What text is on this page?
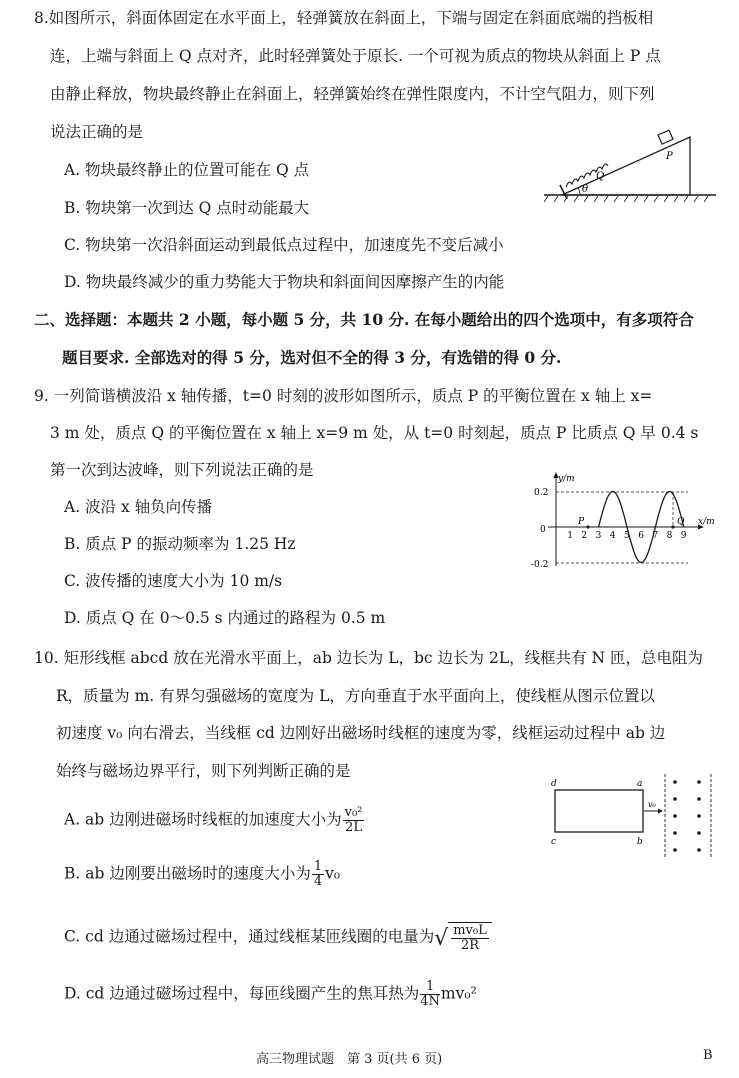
8.如图所示，斜面体固定在水平面上，轻弹簧放在斜面上，下端与固定在斜面底端的挡板相
连，上端与斜面上 Q 点对齐，此时轻弹簧处于原长. 一个可视为质点的物块从斜面上 P 点
由静止释放，物块最终静止在斜面上，轻弹簧始终在弹性限度内，不计空气阻力，则下列
说法正确的是
A. 物块最终静止的位置可能在 Q 点
B. 物块第一次到达 Q 点时动能最大
C. 物块第一次沿斜面运动到最低点过程中，加速度先不变后减小
D. 物块最终减少的重力势能大于物块和斜面间因摩擦产生的内能
θ
Q
P
二、选择题：本题共 2 小题，每小题 5 分，共 10 分. 在每小题给出的四个选项中，有多项符合
题目要求. 全部选对的得 5 分，选对但不全的得 3 分，有选错的得 0 分.
9. 一列简谐横波沿 x 轴传播，t=0 时刻的波形如图所示，质点 P 的平衡位置在 x 轴上 x=
3 m 处，质点 Q 的平衡位置在 x 轴上 x=9 m 处，从 t=0 时刻起，质点 P 比质点 Q 早 0.4 s
第一次到达波峰，则下列说法正确的是
A. 波沿 x 轴负向传播
B. 质点 P 的振动频率为 1.25 Hz
C. 波传播的速度大小为 10 m/s
D. 质点 Q 在 0～0.5 s 内通过的路程为 0.5 m
y/m
x/m
0.2
-0.2
0
1 2 3 4 5 6 7 8 9
P	Q
10. 矩形线框 abcd 放在光滑水平面上，ab 边长为 L，bc 边长为 2L，线框共有 N 匝，总电阻为
R，质量为 m. 有界匀强磁场的宽度为 L，方向垂直于水平面向上，使线框从图示位置以
初速度 v₀ 向右滑去，当线框 cd 边刚好出磁场时线框的速度为零，线框运动过程中 ab 边
始终与磁场边界平行，则下列判断正确的是
A. ab 边刚进磁场时线框的加速度大小为 $\frac{\text{v₀²}}{2L}$
B. ab 边刚要出磁场时的速度大小为 $\frac{1}{4} v_0$
C. cd 边通过磁场过程中，通过线框某匝线圈的电量为√ $\frac{\text{mv₀L}}{2R}$
D. cd 边通过磁场过程中，每匝线圈产生的焦耳热为 $\frac{1}{4N} mv_0^2$
d	a
c	b
v₀
高三物理试题　第 3 页(共 6 页)	B
